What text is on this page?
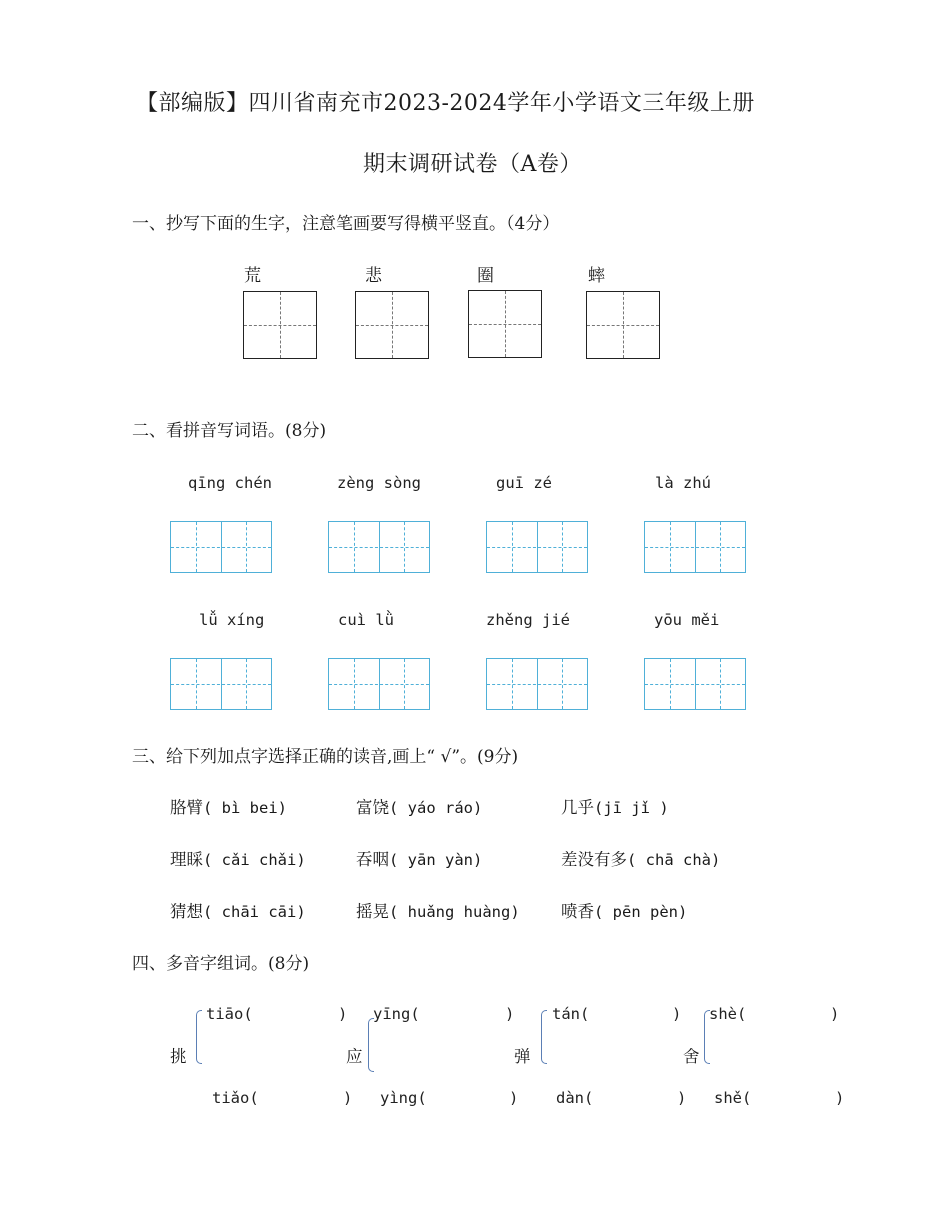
【部编版】四川省南充市2023-2024学年小学语文三年级上册
期末调研试卷（A卷）
一、抄写下面的生字，注意笔画要写得横平竖直。（4分）
荒	悲	圈	蟀
二、看拼音写词语。(8分)
qīng chén	zèng sòng	guī zé	là zhú
lǚ xíng	cuì lǜ	zhěng jié	yōu měi
三、给下列加点字选择正确的读音,画上“ √”。(9分)
胳臂( bì bei)	富饶( yáo ráo)	几乎(jī jǐ )
理睬( cǎi chǎi)	吞咽( yān yàn)	差没有多( chā chà)
猜想( chāi cāi)	摇晃( huǎng huàng)	喷香( pēn pèn)
四、多音字组词。(8分)
挑
tiāo(	)
tiǎo(	)
应
yīng(	)
yìng(	)
弹
tán(	)
dàn(	)
舍
shè(	)
shě(	)
